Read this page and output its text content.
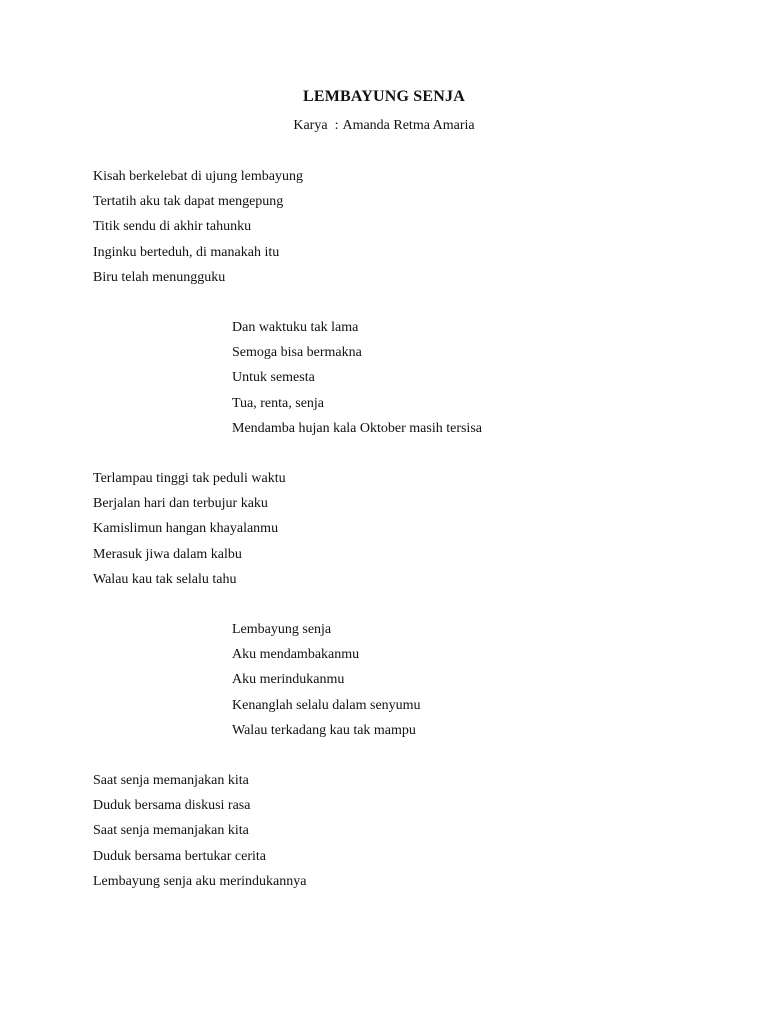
LEMBAYUNG SENJA
Karya : Amanda Retma Amaria
Kisah berkelebat di ujung lembayung
Tertatih aku tak dapat mengepung
Titik sendu di akhir tahunku
Inginku berteduh, di manakah itu
Biru telah menungguku
Dan waktuku tak lama
Semoga bisa bermakna
Untuk semesta
Tua, renta, senja
Mendamba hujan kala Oktober masih tersisa
Terlampau tinggi tak peduli waktu
Berjalan hari dan terbujur kaku
Kamislimun hangan khayalanmu
Merasuk jiwa dalam kalbu
Walau kau tak selalu tahu
Lembayung senja
Aku mendambakanmu
Aku merindukanmu
Kenanglah selalu dalam senyumu
Walau terkadang kau tak mampu
Saat senja memanjakan kita
Duduk bersama diskusi rasa
Saat senja memanjakan kita
Duduk bersama bertukar cerita
Lembayung senja aku merindukannya
